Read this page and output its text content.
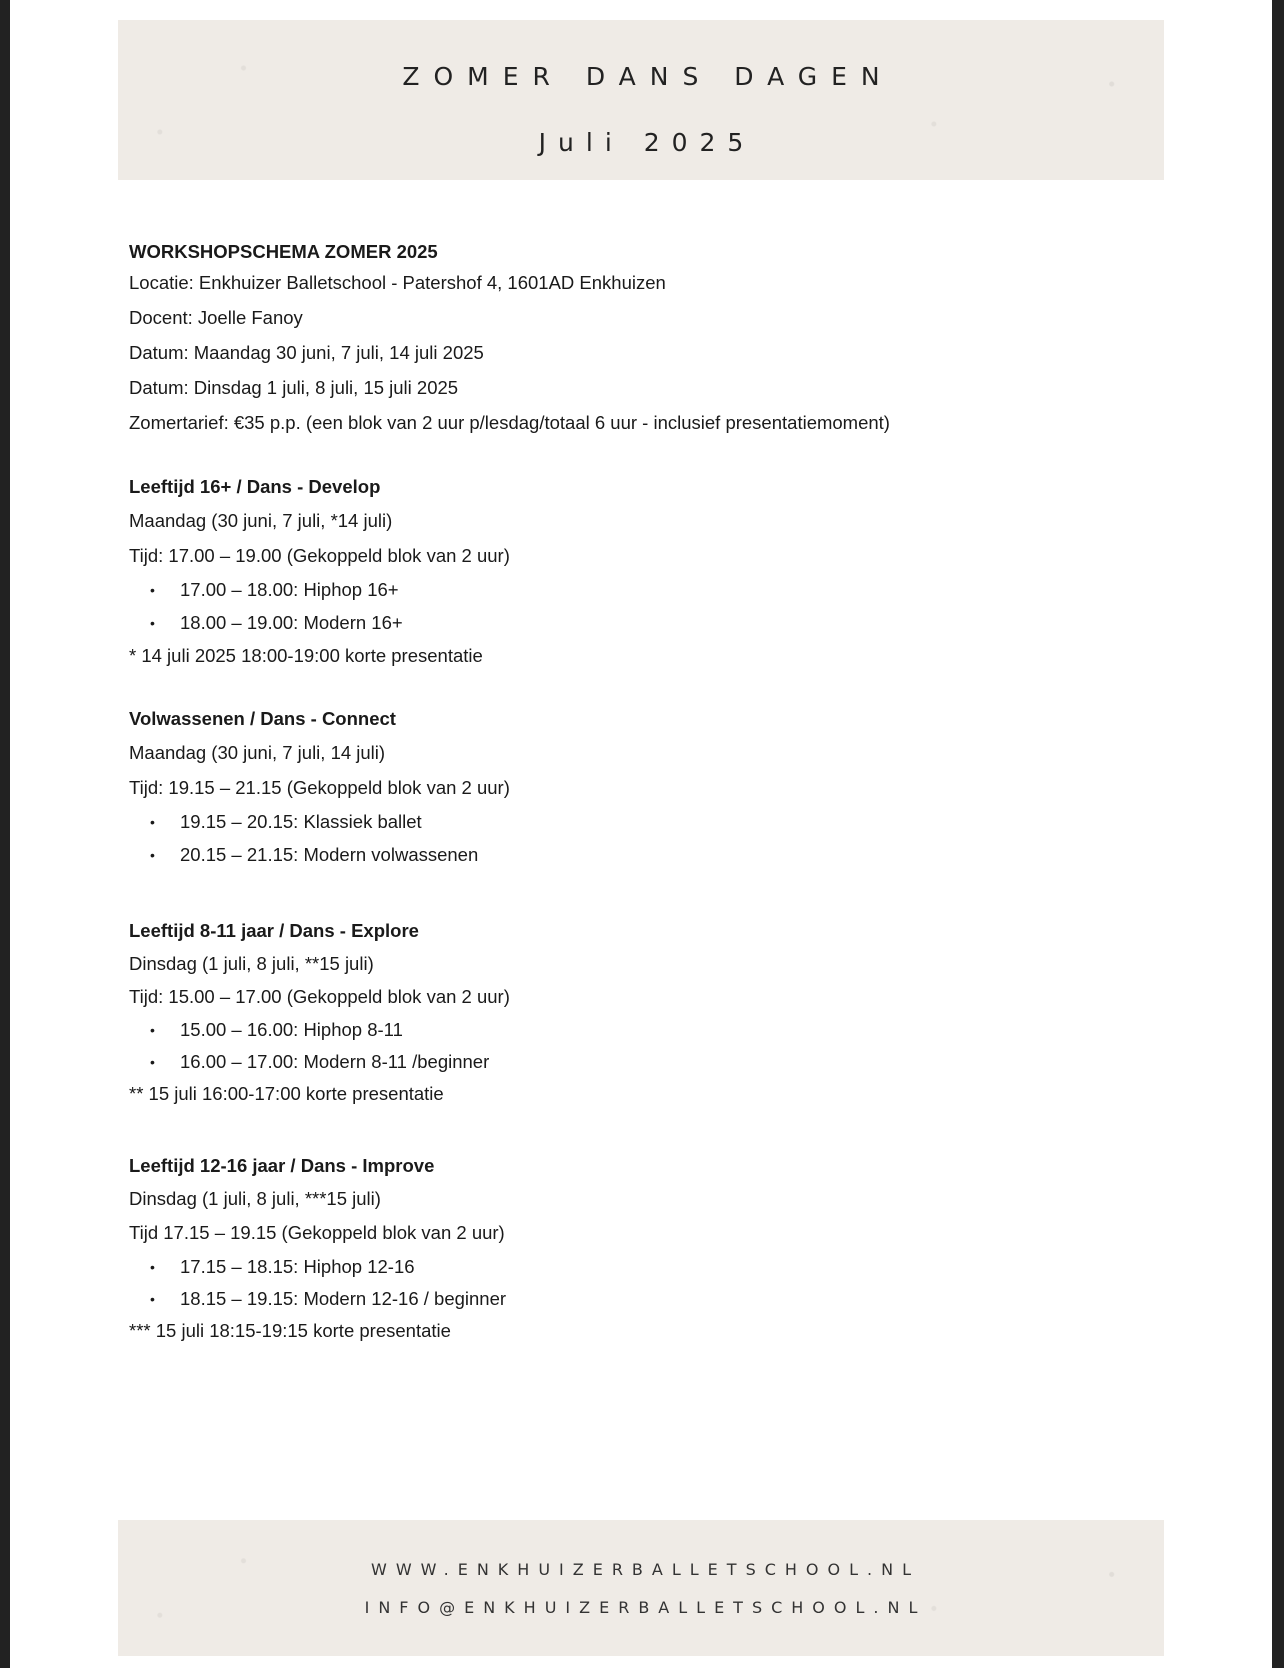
ZOMER DANS DAGEN
Juli 2025
WORKSHOPSCHEMA ZOMER 2025
Locatie: Enkhuizer Balletschool - Patershof 4, 1601AD Enkhuizen
Docent: Joelle Fanoy
Datum: Maandag 30 juni, 7 juli, 14 juli 2025
Datum: Dinsdag 1 juli, 8 juli, 15 juli 2025
Zomertarief: €35 p.p. (een blok van 2 uur p/lesdag/totaal 6 uur - inclusief presentatiemoment)
Leeftijd 16+ / Dans - Develop
Maandag (30 juni, 7 juli, *14 juli)
Tijd: 17.00 – 19.00 (Gekoppeld blok van 2 uur)
•	17.00 – 18.00: Hiphop 16+
•	18.00 – 19.00: Modern 16+
* 14 juli 2025 18:00-19:00 korte presentatie
Volwassenen / Dans - Connect
Maandag (30 juni, 7 juli, 14 juli)
Tijd: 19.15 – 21.15 (Gekoppeld blok van 2 uur)
•	19.15 – 20.15: Klassiek ballet
•	20.15 – 21.15: Modern volwassenen
Leeftijd 8-11 jaar / Dans - Explore
Dinsdag (1 juli, 8 juli, **15 juli)
Tijd: 15.00 – 17.00 (Gekoppeld blok van 2 uur)
•	15.00 – 16.00: Hiphop 8-11
•	16.00 – 17.00: Modern 8-11 /beginner
** 15 juli 16:00-17:00 korte presentatie
Leeftijd 12-16 jaar / Dans - Improve
Dinsdag (1 juli, 8 juli, ***15 juli)
Tijd 17.15 – 19.15 (Gekoppeld blok van 2 uur)
•	17.15 – 18.15: Hiphop 12-16
•	18.15 – 19.15: Modern 12-16 / beginner
*** 15 juli 18:15-19:15 korte presentatie
WWW.ENKHUIZERBALLETSCHOOL.NL
INFO@ENKHUIZERBALLETSCHOOL.NL
